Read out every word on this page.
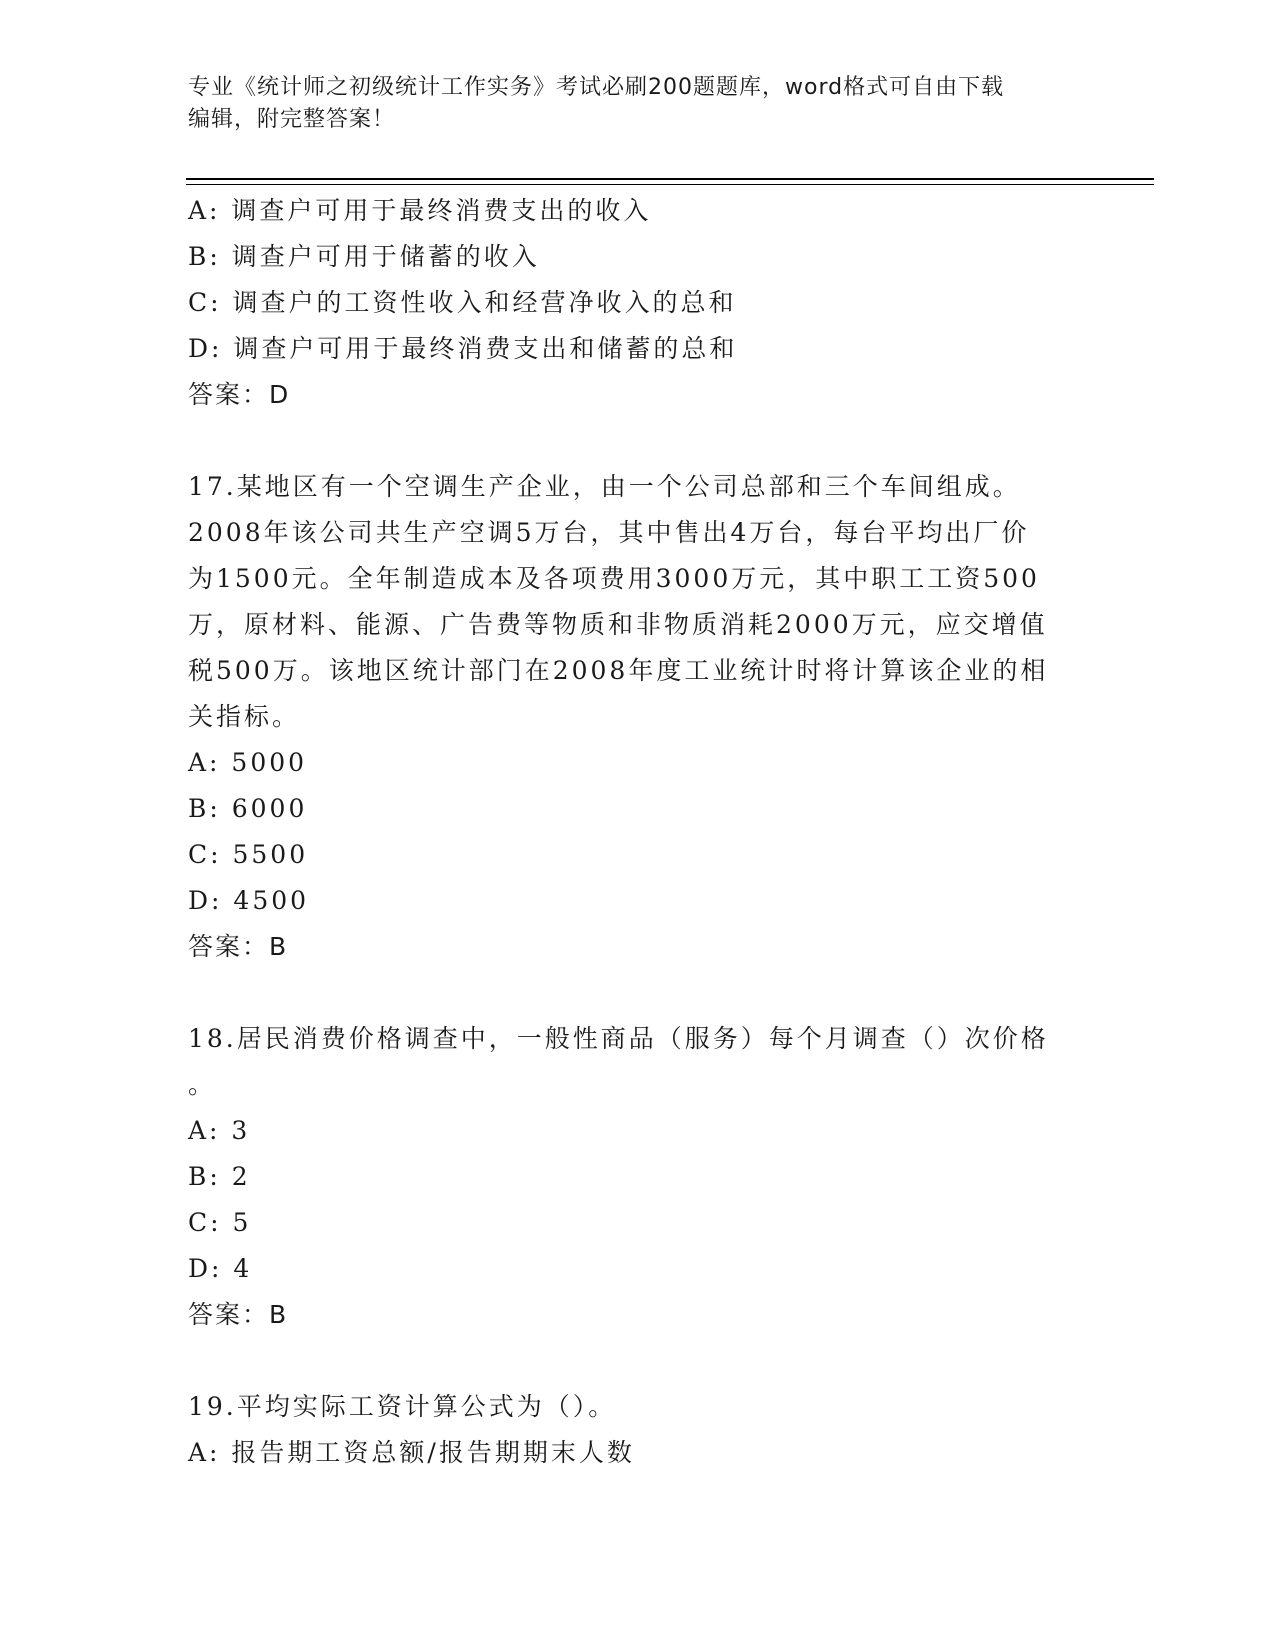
专业《统计师之初级统计工作实务》考试必刷200题题库，word格式可自由下载
编辑，附完整答案！
A: 调查户可用于最终消费支出的收入
B: 调查户可用于储蓄的收入
C: 调查户的工资性收入和经营净收入的总和
D: 调查户可用于最终消费支出和储蓄的总和
答案：D
17.某地区有一个空调生产企业，由一个公司总部和三个车间组成。
2008年该公司共生产空调5万台，其中售出4万台，每台平均出厂价
为1500元。全年制造成本及各项费用3000万元，其中职工工资500
万，原材料、能源、广告费等物质和非物质消耗2000万元，应交增值
税500万。该地区统计部门在2008年度工业统计时将计算该企业的相
关指标。
A: 5000
B: 6000
C: 5500
D: 4500
答案：B
18.居民消费价格调查中，一般性商品（服务）每个月调查（）次价格
。
A: 3
B: 2
C: 5
D: 4
答案：B
19.平均实际工资计算公式为（）。
A: 报告期工资总额/报告期期末人数
